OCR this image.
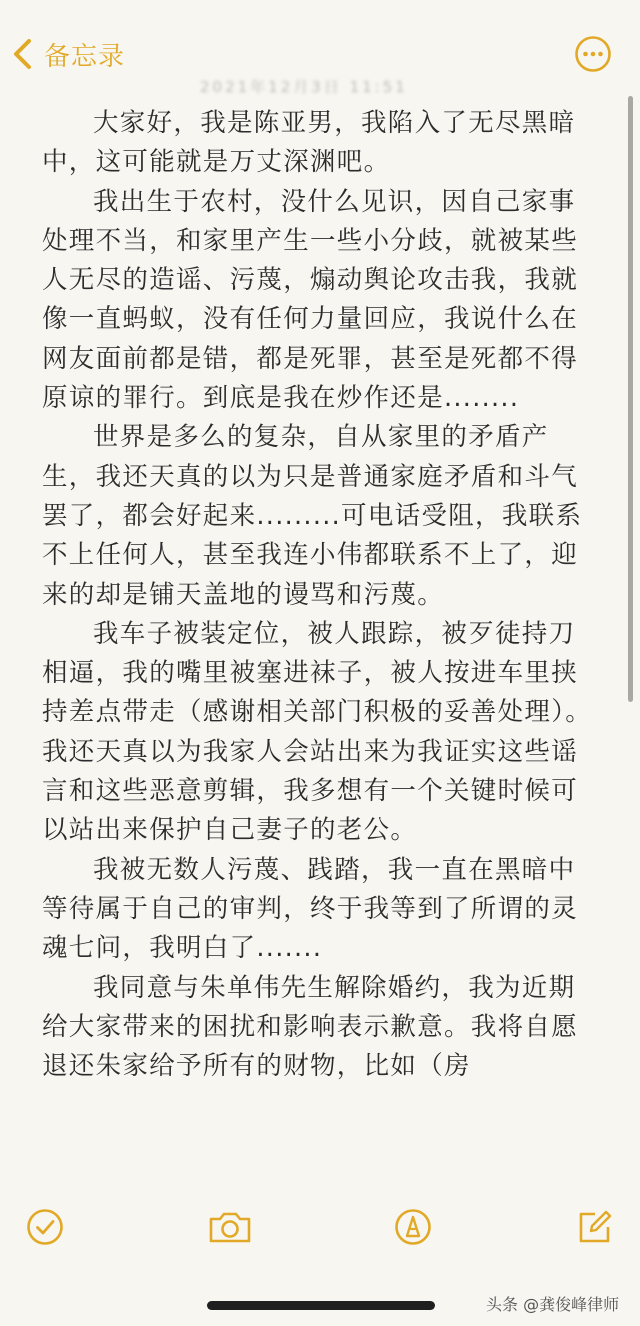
备忘录
2021年12月3日 11:51

大家好，我是陈亚男，我陷入了无尽黑暗中，这可能就是万丈深渊吧。

我出生于农村，没什么见识，因自己家事处理不当，和家里产生一些小分歧，就被某些人无尽的造谣、污蔑，煽动舆论攻击我，我就像一直蚂蚁，没有任何力量回应，我说什么在网友面前都是错，都是死罪，甚至是死都不得原谅的罪行。到底是我在炒作还是........

世界是多么的复杂，自从家里的矛盾产生，我还天真的以为只是普通家庭矛盾和斗气罢了，都会好起来.........可电话受阻，我联系不上任何人，甚至我连小伟都联系不上了，迎来的却是铺天盖地的谩骂和污蔑。

我车子被装定位，被人跟踪，被歹徒持刀相逼，我的嘴里被塞进袜子，被人按进车里挟持差点带走（感谢相关部门积极的妥善处理）。我还天真以为我家人会站出来为我证实这些谣言和这些恶意剪辑，我多想有一个关键时候可以站出来保护自己妻子的老公。

我被无数人污蔑、践踏，我一直在黑暗中等待属于自己的审判，终于我等到了所谓的灵魂七问，我明白了.......

我同意与朱单伟先生解除婚约，我为近期给大家带来的困扰和影响表示歉意。我将自愿退还朱家给予所有的财物，比如（房

头条 @龚俊峰律师
